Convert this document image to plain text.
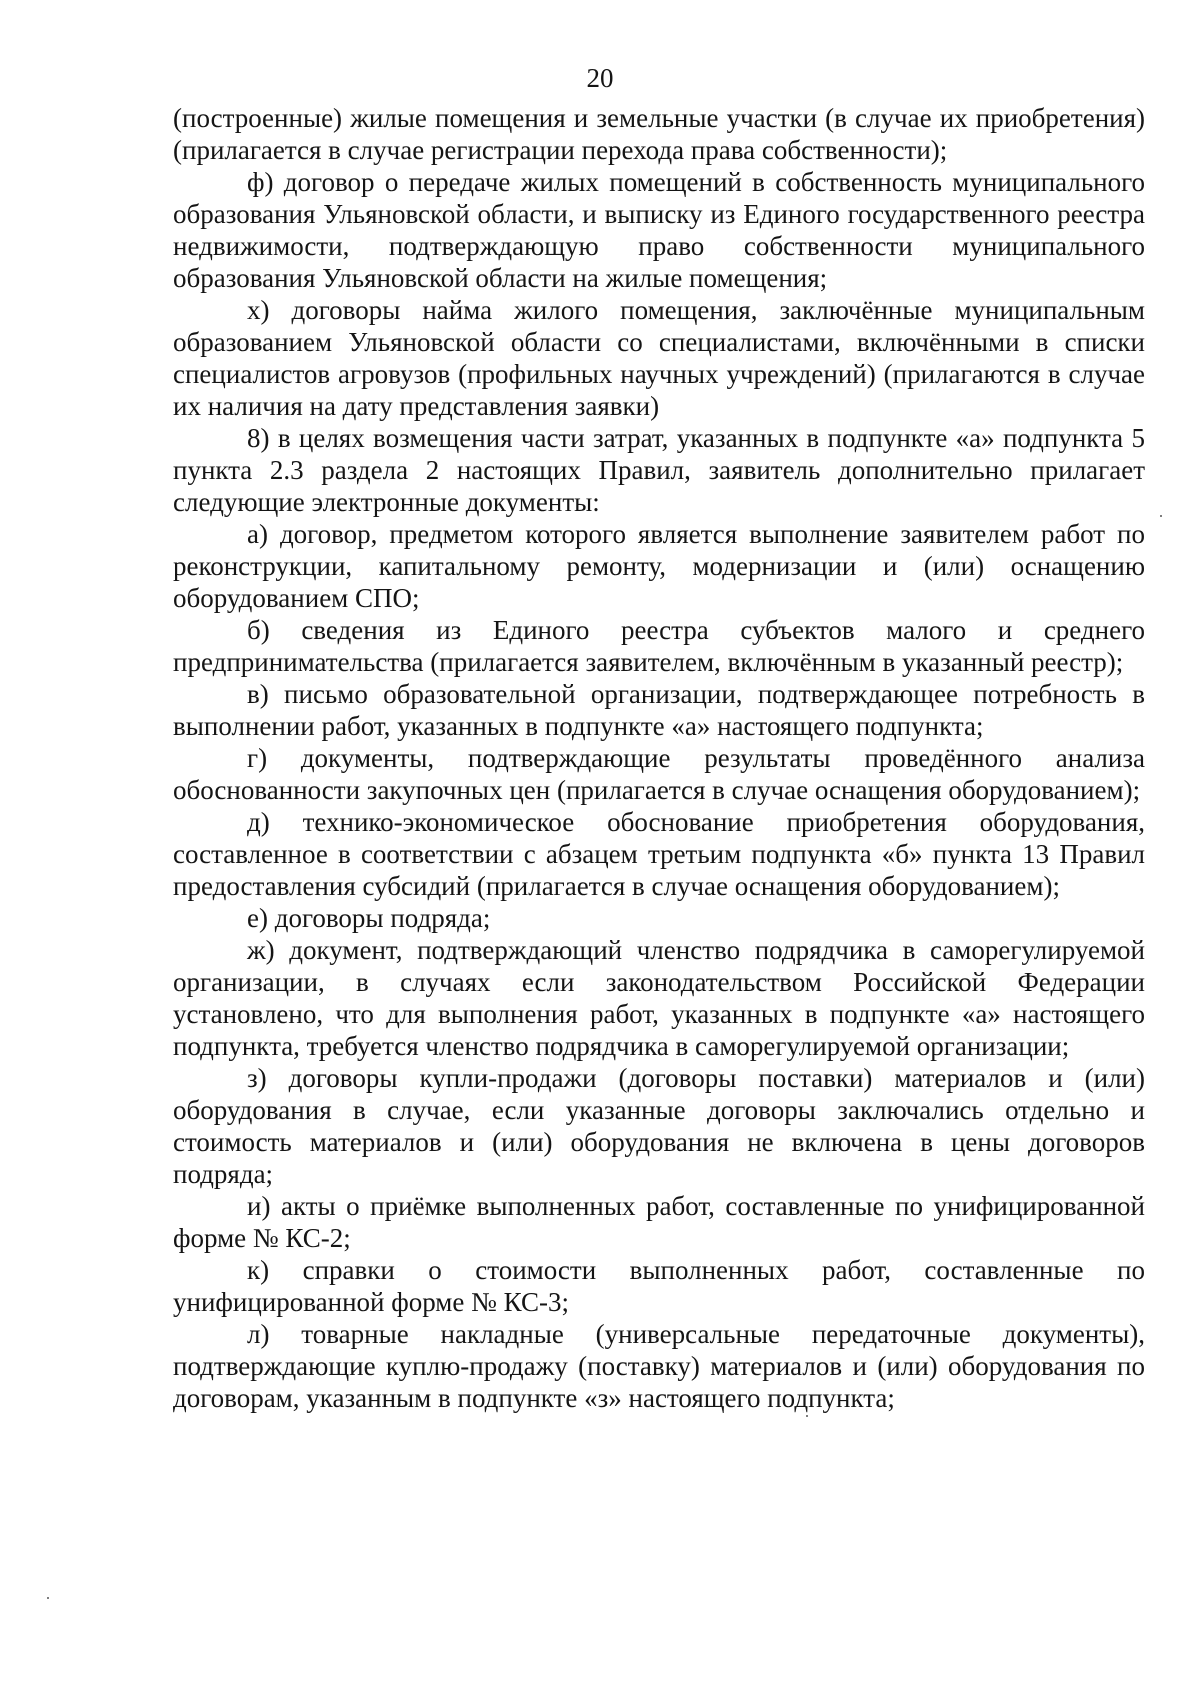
20

(построенные) жилые помещения и земельные участки (в случае их приобретения) (прилагается в случае регистрации перехода права собственности);

ф) договор о передаче жилых помещений в собственность муниципального образования Ульяновской области, и выписку из Единого государственного реестра недвижимости, подтверждающую право собственности муниципального образования Ульяновской области на жилые помещения;

х) договоры найма жилого помещения, заключённые муниципальным образованием Ульяновской области со специалистами, включёнными в списки специалистов агровузов (профильных научных учреждений) (прилагаются в случае их наличия на дату представления заявки)

8) в целях возмещения части затрат, указанных в подпункте «а» подпункта 5 пункта 2.3 раздела 2 настоящих Правил, заявитель дополнительно прилагает следующие электронные документы:

а) договор, предметом которого является выполнение заявителем работ по реконструкции, капитальному ремонту, модернизации и (или) оснащению оборудованием СПО;

б) сведения из Единого реестра субъектов малого и среднего предпринимательства (прилагается заявителем, включённым в указанный реестр);

в) письмо образовательной организации, подтверждающее потребность в выполнении работ, указанных в подпункте «а» настоящего подпункта;

г) документы, подтверждающие результаты проведённого анализа обоснованности закупочных цен (прилагается в случае оснащения оборудованием);

д) технико-экономическое обоснование приобретения оборудования, составленное в соответствии с абзацем третьим подпункта «б» пункта 13 Правил предоставления субсидий (прилагается в случае оснащения оборудованием);

е) договоры подряда;

ж) документ, подтверждающий членство подрядчика в саморегулируемой организации, в случаях если законодательством Российской Федерации установлено, что для выполнения работ, указанных в подпункте «а» настоящего подпункта, требуется членство подрядчика в саморегулируемой организации;

з) договоры купли-продажи (договоры поставки) материалов и (или) оборудования в случае, если указанные договоры заключались отдельно и стоимость материалов и (или) оборудования не включена в цены договоров подряда;

и) акты о приёмке выполненных работ, составленные по унифицированной форме № КС-2;

к) справки о стоимости выполненных работ, составленные по унифицированной форме № КС-3;

л) товарные накладные (универсальные передаточные документы), подтверждающие куплю-продажу (поставку) материалов и (или) оборудования по договорам, указанным в подпункте «з» настоящего подпункта;
